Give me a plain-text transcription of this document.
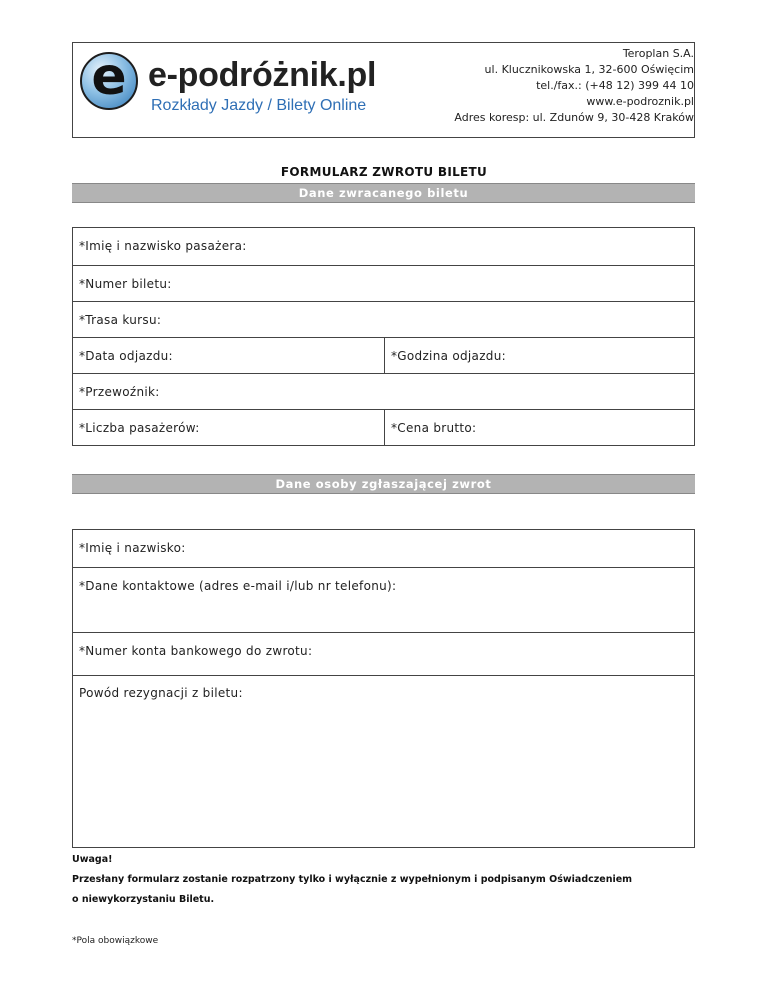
e e-podróżnik.pl
Rozkłady Jazdy / Bilety Online
Teroplan S.A.
ul. Klucznikowska 1, 32-600 Oświęcim
tel./fax.: (+48 12) 399 44 10
www.e-podroznik.pl
Adres koresp: ul. Zdunów 9, 30-428 Kraków
FORMULARZ ZWROTU BILETU
Dane zwracanego biletu
*Imię i nazwisko pasażera:
*Numer biletu:
*Trasa kursu:
*Data odjazdu:	*Godzina odjazdu:
*Przewoźnik:
*Liczba pasażerów:	*Cena brutto:
Dane osoby zgłaszającej zwrot
*Imię i nazwisko:
*Dane kontaktowe (adres e-mail i/lub nr telefonu):
*Numer konta bankowego do zwrotu:
Powód rezygnacji z biletu:
Uwaga!
Przesłany formularz zostanie rozpatrzony tylko i wyłącznie z wypełnionym i podpisanym Oświadczeniem
o niewykorzystaniu Biletu.
*Pola obowiązkowe
